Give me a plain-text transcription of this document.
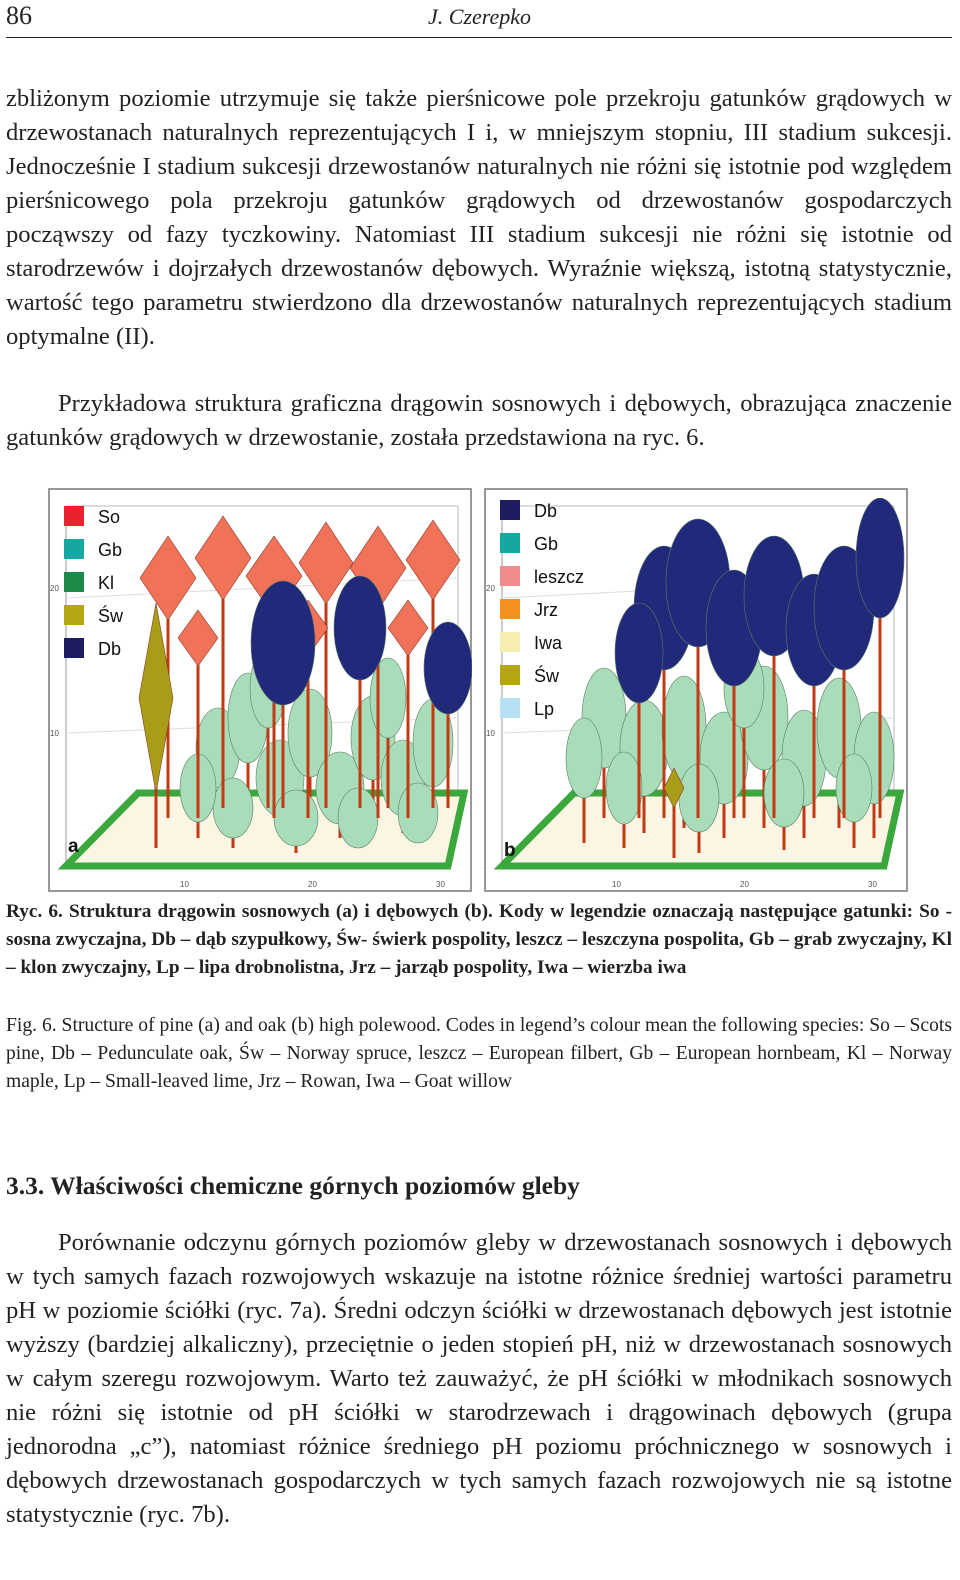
86	J. Czerepko

zbliżonym poziomie utrzymuje się także pierśnicowe pole przekroju gatunków grądowych w drzewostanach naturalnych reprezentujących I i, w mniejszym stopniu, III stadium sukcesji. Jednocześnie I stadium sukcesji drzewostanów naturalnych nie różni się istotnie pod względem pierśnicowego pola przekroju gatunków grądowych od drzewostanów gospodarczych począwszy od fazy tyczkowiny. Natomiast III stadium sukcesji nie różni się istotnie od starodrzewów i dojrzałych drzewostanów dębowych. Wyraźnie większą, istotną statystycznie, wartość tego parametru stwierdzono dla drzewostanów naturalnych reprezentujących stadium optymalne (II).

Przykładowa struktura graficzna drągowin sosnowych i dębowych, obrazująca znaczenie gatunków grądowych w drzewostanie, została przedstawiona na ryc. 6.

So
Gb
Kl
Św
Db
20
10
10	20	30
a
Db
Gb
leszcz
Jrz
Iwa
Św
Lp
20
10
10	20	30
b

Ryc. 6. Struktura drągowin sosnowych (a) i dębowych (b). Kody w legendzie oznaczają następujące gatunki: So - sosna zwyczajna, Db – dąb szypułkowy, Św- świerk pospolity, leszcz – leszczyna pospolita, Gb – grab zwyczajny, Kl – klon zwyczajny, Lp – lipa drobnolistna, Jrz – jarząb pospolity, Iwa – wierzba iwa

Fig. 6. Structure of pine (a) and oak (b) high polewood. Codes in legend’s colour mean the following species: So – Scots pine, Db – Pedunculate oak, Św – Norway spruce, leszcz – European filbert, Gb – European hornbeam, Kl – Norway maple, Lp – Small-leaved lime, Jrz – Rowan, Iwa – Goat willow

3.3. Właściwości chemiczne górnych poziomów gleby

Porównanie odczynu górnych poziomów gleby w drzewostanach sosnowych i dębowych w tych samych fazach rozwojowych wskazuje na istotne różnice średniej wartości parametru pH w poziomie ściółki (ryc. 7a). Średni odczyn ściółki w drzewostanach dębowych jest istotnie wyższy (bardziej alkaliczny), przeciętnie o jeden stopień pH, niż w drzewostanach sosnowych w całym szeregu rozwojowym. Warto też zauważyć, że pH ściółki w młodnikach sosnowych nie różni się istotnie od pH ściółki w starodrzewach i drągowinach dębowych (grupa jednorodna „c”), natomiast różnice średniego pH poziomu próchnicznego w sosnowych i dębowych drzewostanach gospodarczych w tych samych fazach rozwojowych nie są istotne statystycznie (ryc. 7b).
